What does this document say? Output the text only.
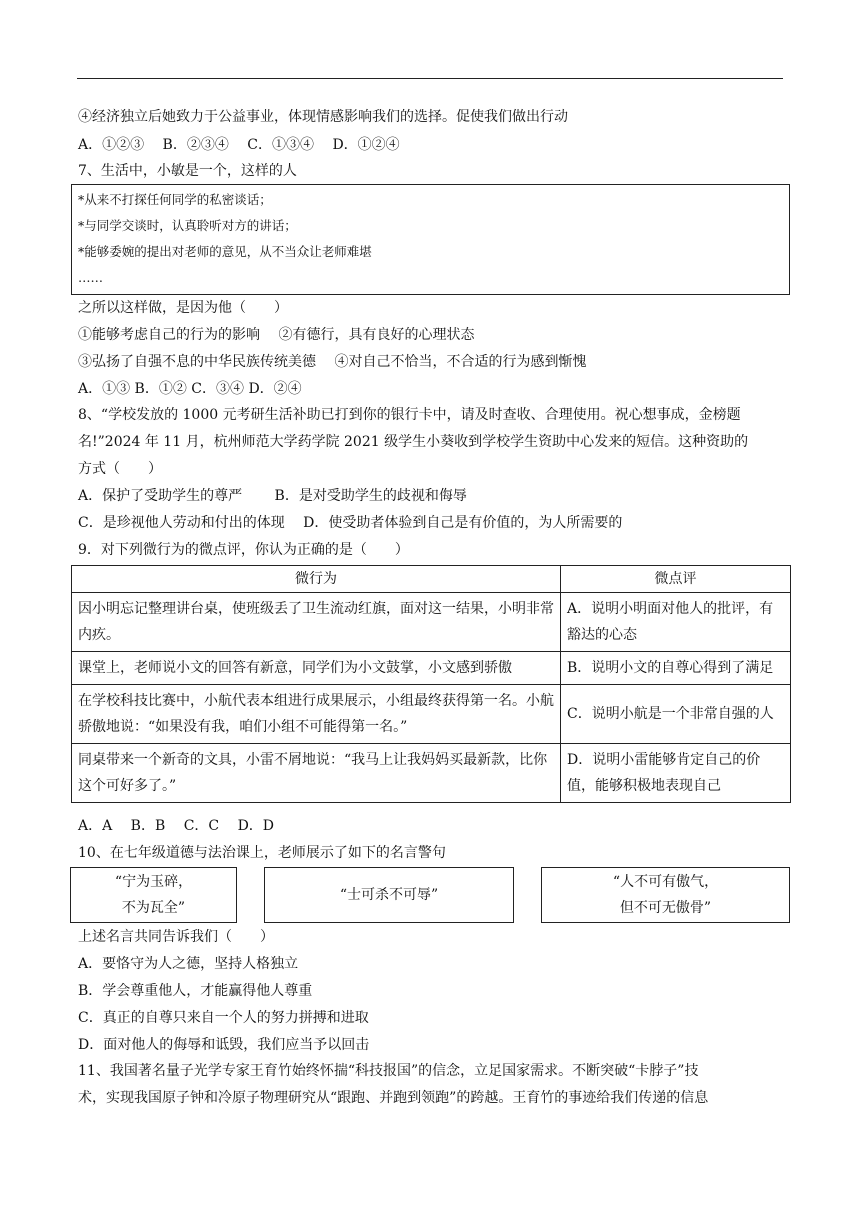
④经济独立后她致力于公益事业，体现情感影响我们的选择。促使我们做出行动
A．①②③　 B．②③④　 C．①③④　 D．①②④
7、生活中，小敏是一个，这样的人
*从来不打探任何同学的私密谈话；
*与同学交谈时，认真聆听对方的讲话；
*能够委婉的提出对老师的意见，从不当众让老师难堪
……
之所以这样做，是因为他（　　）
①能够考虑自己的行为的影响　 ②有德行，具有良好的心理状态
③弘扬了自强不息的中华民族传统美德　 ④对自己不恰当，不合适的行为感到惭愧
A．①③ B．①② C．③④ D．②④
8、“学校发放的 1000 元考研生活补助已打到你的银行卡中，请及时查收、合理使用。祝心想事成，金榜题
名!”2024 年 11 月，杭州师范大学药学院 2021 级学生小葵收到学校学生资助中心发来的短信。这种资助的
方式（　　）
A．保护了受助学生的尊严　　 B．是对受助学生的歧视和侮辱
C．是珍视他人劳动和付出的体现　 D．使受助者体验到自己是有价值的，为人所需要的
9．对下列微行为的微点评，你认为正确的是（　　）
微行为	微点评
因小明忘记整理讲台桌，使班级丢了卫生流动红旗，面对这一结果，小明非常内疚。	A．说明小明面对他人的批评，有豁达的心态
课堂上，老师说小文的回答有新意，同学们为小文鼓掌，小文感到骄傲	B．说明小文的自尊心得到了满足
在学校科技比赛中，小航代表本组进行成果展示，小组最终获得第一名。小航骄傲地说：“如果没有我，咱们小组不可能得第一名。”	C．说明小航是一个非常自强的人
同桌带来一个新奇的文具，小雷不屑地说：“我马上让我妈妈买最新款，比你这个可好多了。”	D．说明小雷能够肯定自己的价值，能够积极地表现自己
A．A　 B．B　 C．C　 D．D
10、在七年级道德与法治课上，老师展示了如下的名言警句
“宁为玉碎，
不为瓦全”
“士可杀不可辱”
“人不可有傲气，
但不可无傲骨”
上述名言共同告诉我们（　　）
A．要恪守为人之德，坚持人格独立
B．学会尊重他人，才能赢得他人尊重
C．真正的自尊只来自一个人的努力拼搏和进取
D．面对他人的侮辱和诋毁，我们应当予以回击
11、我国著名量子光学专家王育竹始终怀揣“科技报国”的信念，立足国家需求。不断突破“卡脖子”技
术，实现我国原子钟和冷原子物理研究从“跟跑、并跑到领跑”的跨越。王育竹的事迹给我们传递的信息
